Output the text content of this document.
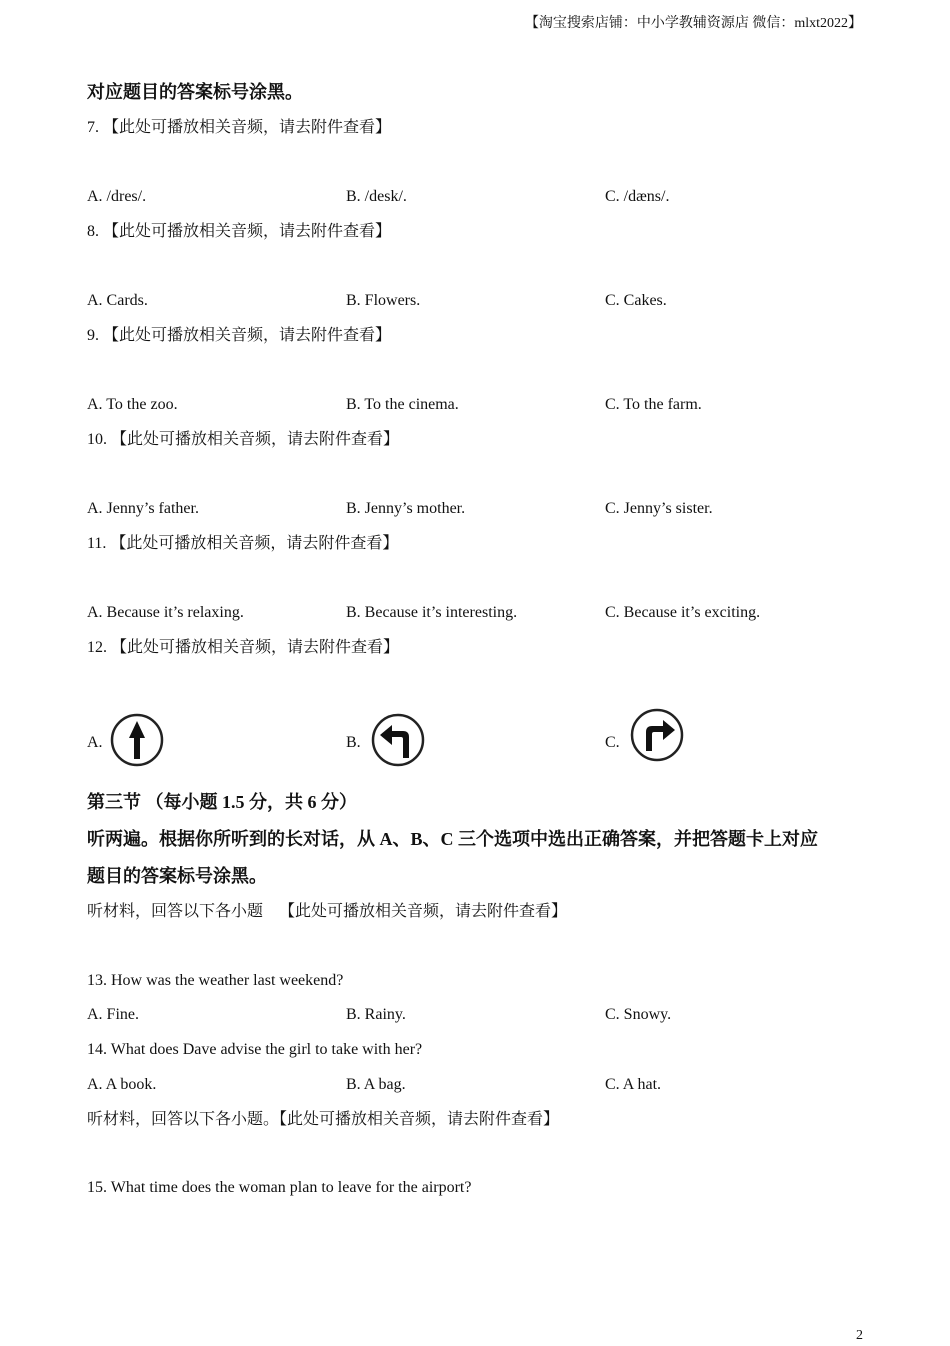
【淘宝搜索店铺：中小学教辅资源店 微信：mlxt2022】
对应题目的答案标号涂黑。
7. 【此处可播放相关音频，请去附件查看】
A. /dres/.	B. /desk/.	C. /dæns/.
8. 【此处可播放相关音频，请去附件查看】
A. Cards.	B. Flowers.	C. Cakes.
9. 【此处可播放相关音频，请去附件查看】
A. To the zoo.	B. To the cinema.	C. To the farm.
10. 【此处可播放相关音频，请去附件查看】
A. Jenny’s father.	B. Jenny’s mother.	C. Jenny’s sister.
11. 【此处可播放相关音频，请去附件查看】
A. Because it’s relaxing.	B. Because it’s interesting.	C. Because it’s exciting.
12. 【此处可播放相关音频，请去附件查看】
A.	B.	C.
第三节 （每小题 1.5 分，共 6 分）
听两遍。根据你所听到的长对话，从 A、B、C 三个选项中选出正确答案，并把答题卡上对应
题目的答案标号涂黑。
听材料，回答以下各小题    【此处可播放相关音频，请去附件查看】
13. How was the weather last weekend?
A. Fine.	B. Rainy.	C. Snowy.
14. What does Dave advise the girl to take with her?
A. A book.	B. A bag.	C. A hat.
听材料，回答以下各小题。【此处可播放相关音频，请去附件查看】
15. What time does the woman plan to leave for the airport?
2
